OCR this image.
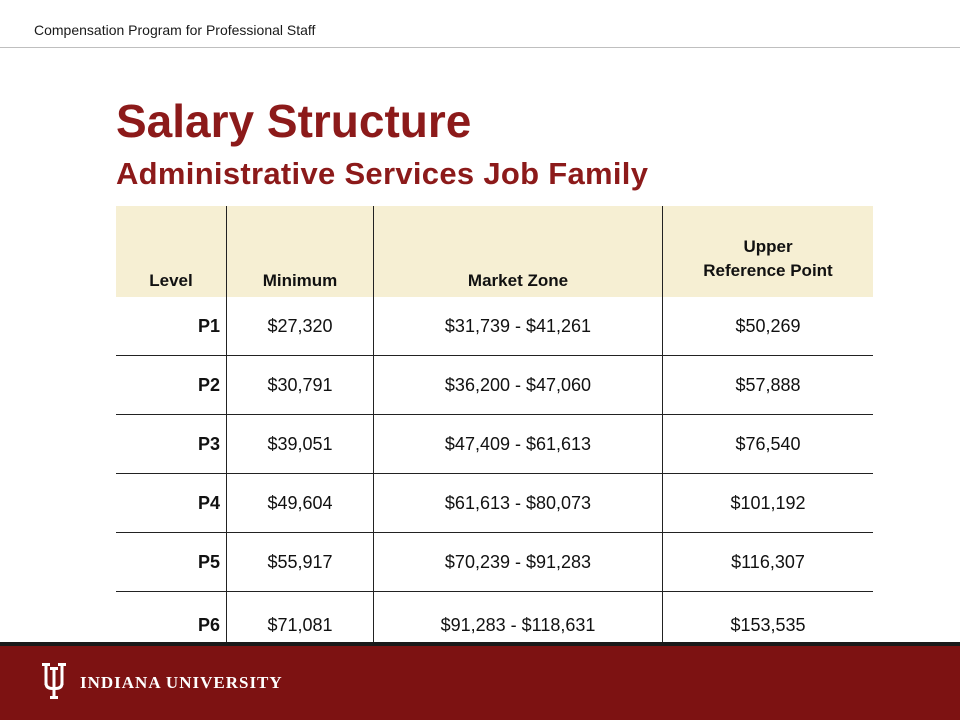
Compensation Program for Professional Staff
Salary Structure
Administrative Services Job Family
Level	Minimum	Market Zone	Upper
Reference Point
P1	$27,320	$31,739 - $41,261	$50,269
P2	$30,791	$36,200 - $47,060	$57,888
P3	$39,051	$47,409 - $61,613	$76,540
P4	$49,604	$61,613 - $80,073	$101,192
P5	$55,917	$70,239 - $91,283	$116,307
P6	$71,081	$91,283 - $118,631	$153,535
INDIANA UNIVERSITY
